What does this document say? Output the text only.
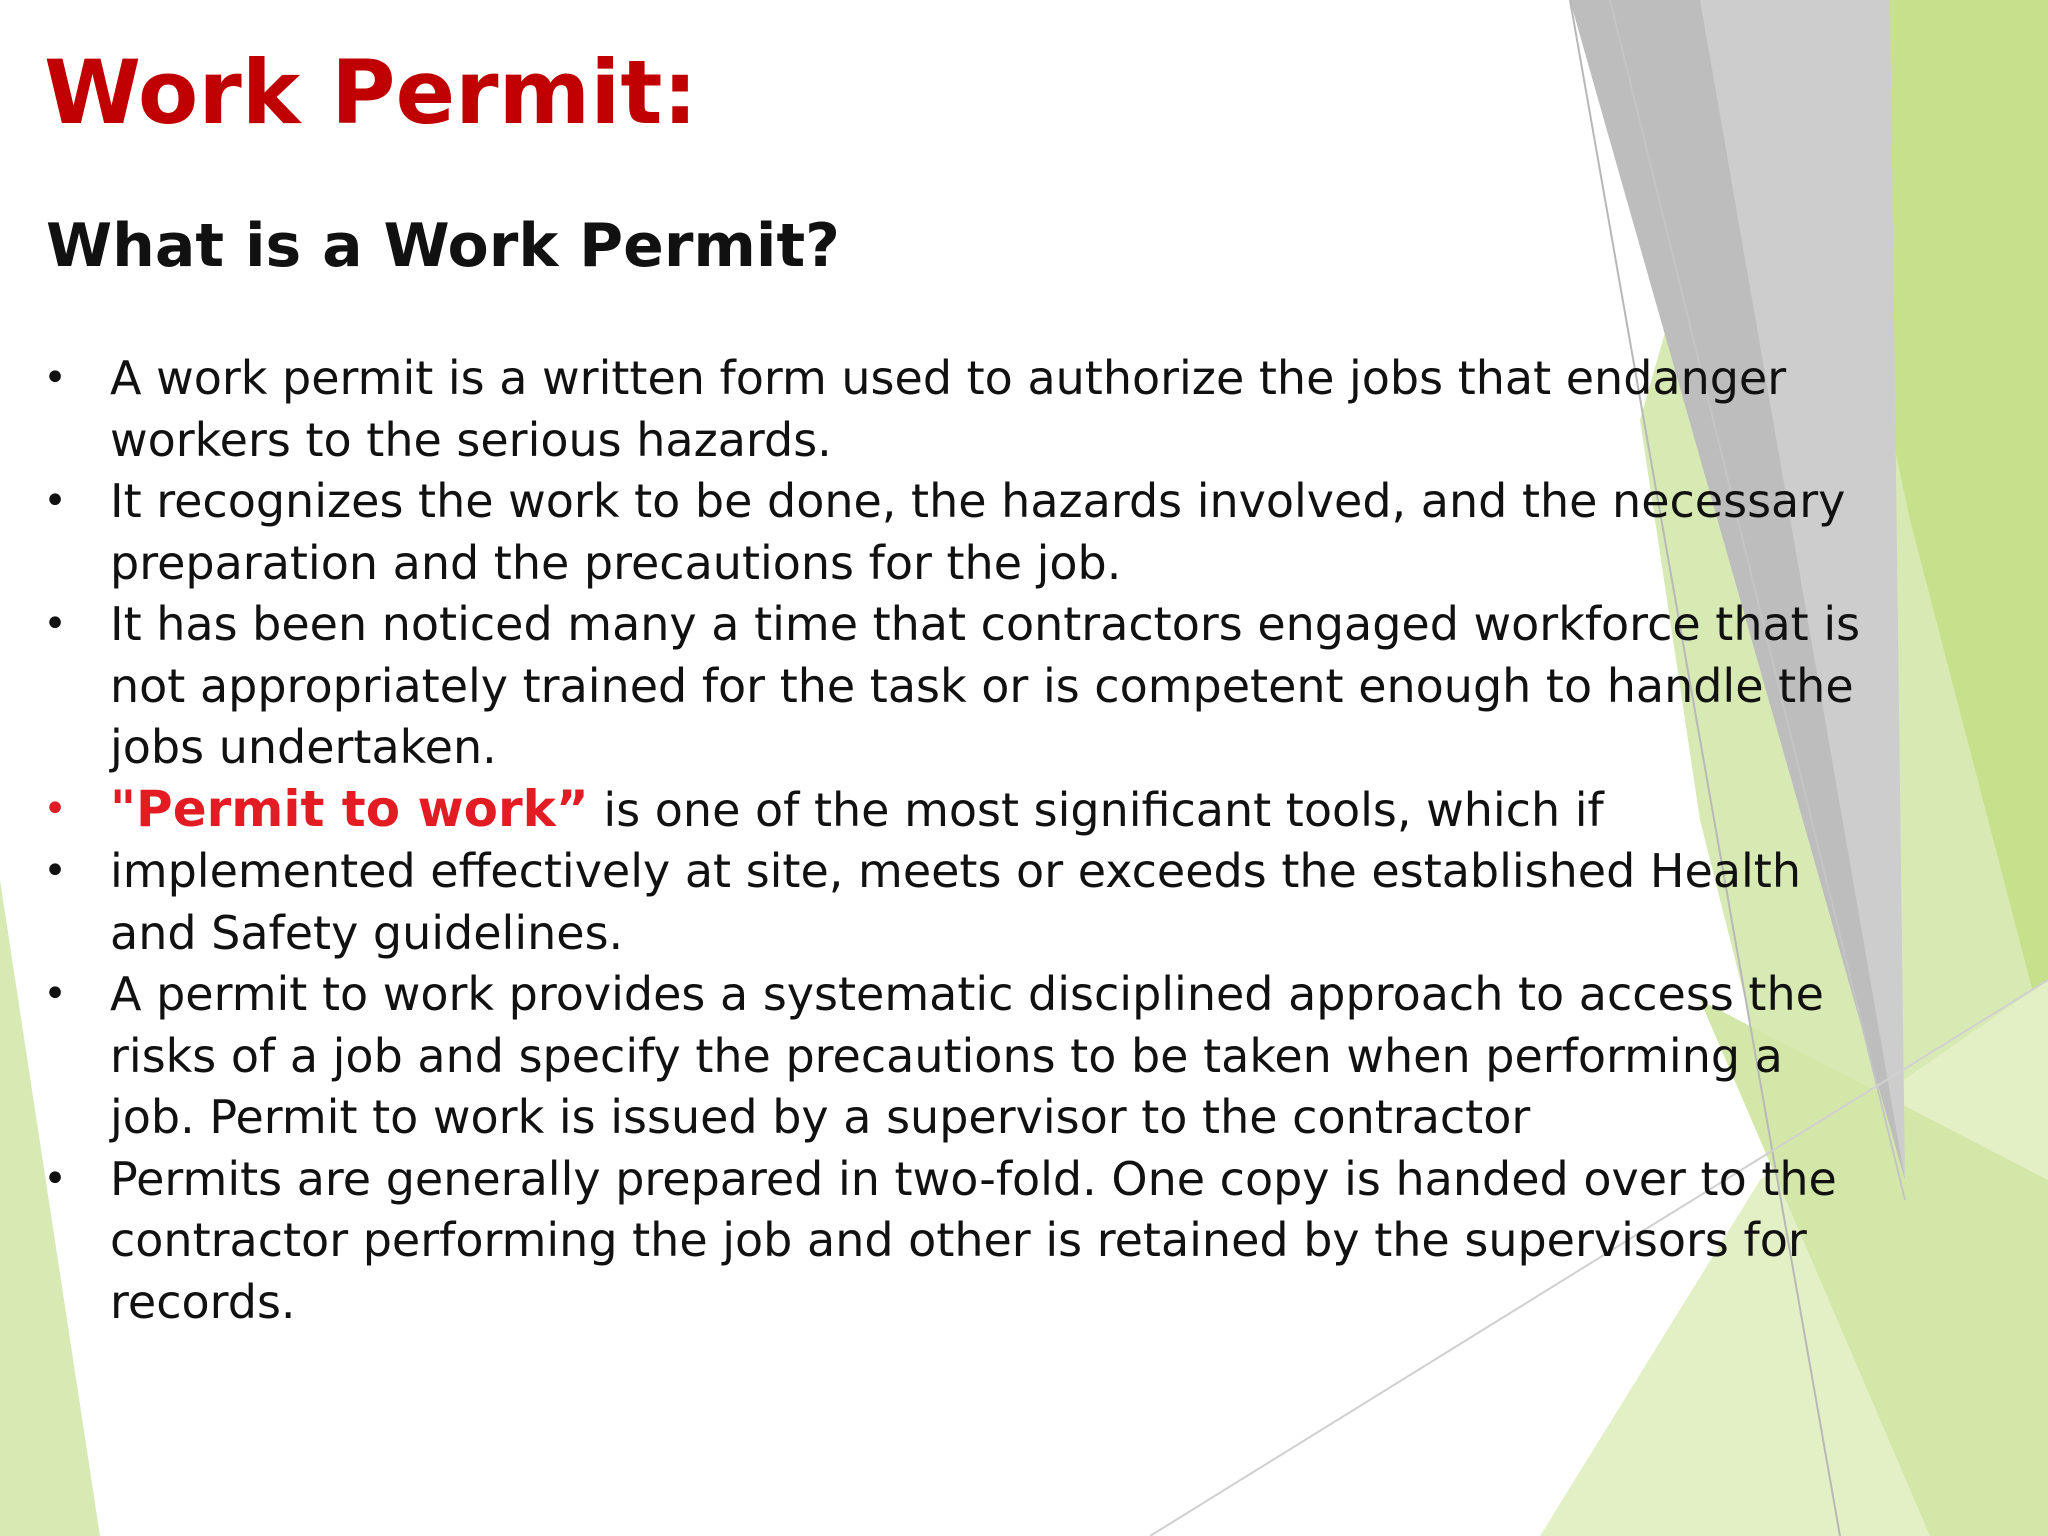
Work Permit:
What is a Work Permit?
• A work permit is a written form used to authorize the jobs that endanger workers to the serious hazards.
• It recognizes the work to be done, the hazards involved, and the necessary preparation and the precautions for the job.
• It has been noticed many a time that contractors engaged workforce that is not appropriately trained for the task or is competent enough to handle the jobs undertaken.
• "Permit to work” is one of the most significant tools, which if
• implemented effectively at site, meets or exceeds the established Health and Safety guidelines.
• A permit to work provides a systematic disciplined approach to access the risks of a job and specify the precautions to be taken when performing a job. Permit to work is issued by a supervisor to the contractor
• Permits are generally prepared in two-fold. One copy is handed over to the contractor performing the job and other is retained by the supervisors for records.
